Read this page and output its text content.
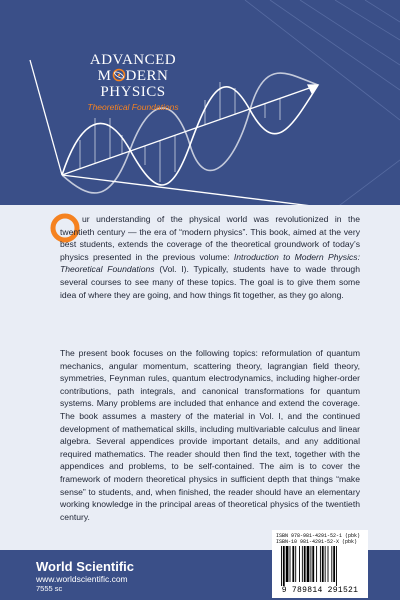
ADVANCED
M DERN
PHYSICS
Theoretical Foundations

ur understanding of the physical world was revolutionized in the twentieth century — the era of “modern physics”. This book, aimed at the very best students, extends the coverage of the theoretical groundwork of today’s physics presented in the previous volume: Introduction to Modern Physics: Theoretical Foundations (Vol. I). Typically, students have to wade through several courses to see many of these topics. The goal is to give them some idea of where they are going, and how things fit together, as they go along.

The present book focuses on the following topics: reformulation of quantum mechanics, angular momentum, scattering theory, lagrangian field theory, symmetries, Feynman rules, quantum electrodynamics, including higher-order contributions, path integrals, and canonical transformations for quantum systems. Many problems are included that enhance and extend the coverage. The book assumes a mastery of the material in Vol. I, and the continued development of mathematical skills, including multivariable calculus and linear algebra. Several appendices provide important details, and any additional required mathematics. The reader should then find the text, together with the appendices and problems, to be self-contained. The aim is to cover the framework of modern theoretical physics in sufficient depth that things “make sense” to students, and, when finished, the reader should have an elementary working knowledge in the principal areas of theoretical physics of the twentieth century.

World Scientific
www.worldscientific.com
7555 sc
ISBN 978-981-4291-52-1 (pbk)
ISBN-10 981-4291-52-X (pbk)
9 789814 291521
